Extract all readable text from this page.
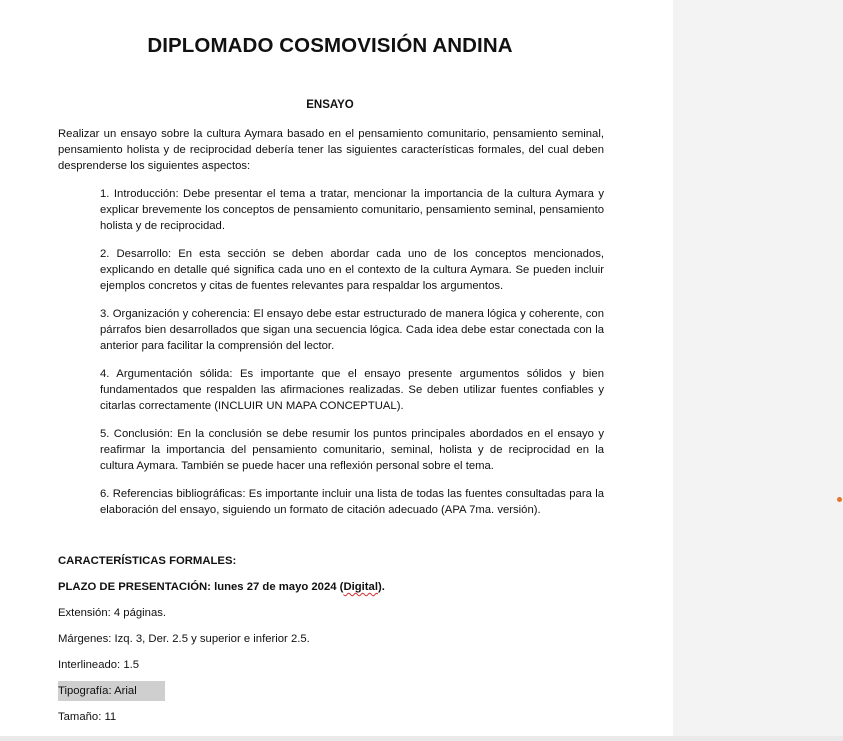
DIPLOMADO COSMOVISIÓN ANDINA
ENSAYO

Realizar un ensayo sobre la cultura Aymara basado en el pensamiento comunitario, pensamiento seminal, pensamiento holista y de reciprocidad debería tener las siguientes características formales, del cual deben desprenderse los siguientes aspectos:

1. Introducción: Debe presentar el tema a tratar, mencionar la importancia de la cultura Aymara y explicar brevemente los conceptos de pensamiento comunitario, pensamiento seminal, pensamiento holista y de reciprocidad.
2. Desarrollo: En esta sección se deben abordar cada uno de los conceptos mencionados, explicando en detalle qué significa cada uno en el contexto de la cultura Aymara. Se pueden incluir ejemplos concretos y citas de fuentes relevantes para respaldar los argumentos.
3. Organización y coherencia: El ensayo debe estar estructurado de manera lógica y coherente, con párrafos bien desarrollados que sigan una secuencia lógica. Cada idea debe estar conectada con la anterior para facilitar la comprensión del lector.
4. Argumentación sólida: Es importante que el ensayo presente argumentos sólidos y bien fundamentados que respalden las afirmaciones realizadas. Se deben utilizar fuentes confiables y citarlas correctamente (INCLUIR UN MAPA CONCEPTUAL).
5. Conclusión: En la conclusión se debe resumir los puntos principales abordados en el ensayo y reafirmar la importancia del pensamiento comunitario, seminal, holista y de reciprocidad en la cultura Aymara. También se puede hacer una reflexión personal sobre el tema.
6. Referencias bibliográficas: Es importante incluir una lista de todas las fuentes consultadas para la elaboración del ensayo, siguiendo un formato de citación adecuado (APA 7ma. versión).

CARACTERÍSTICAS FORMALES:

PLAZO DE PRESENTACIÓN: lunes 27 de mayo 2024 (Digital).

Extensión: 4 páginas.

Márgenes: Izq. 3, Der. 2.5 y superior e inferior 2.5.

Interlineado: 1.5

Tipografía: Arial

Tamaño: 11
